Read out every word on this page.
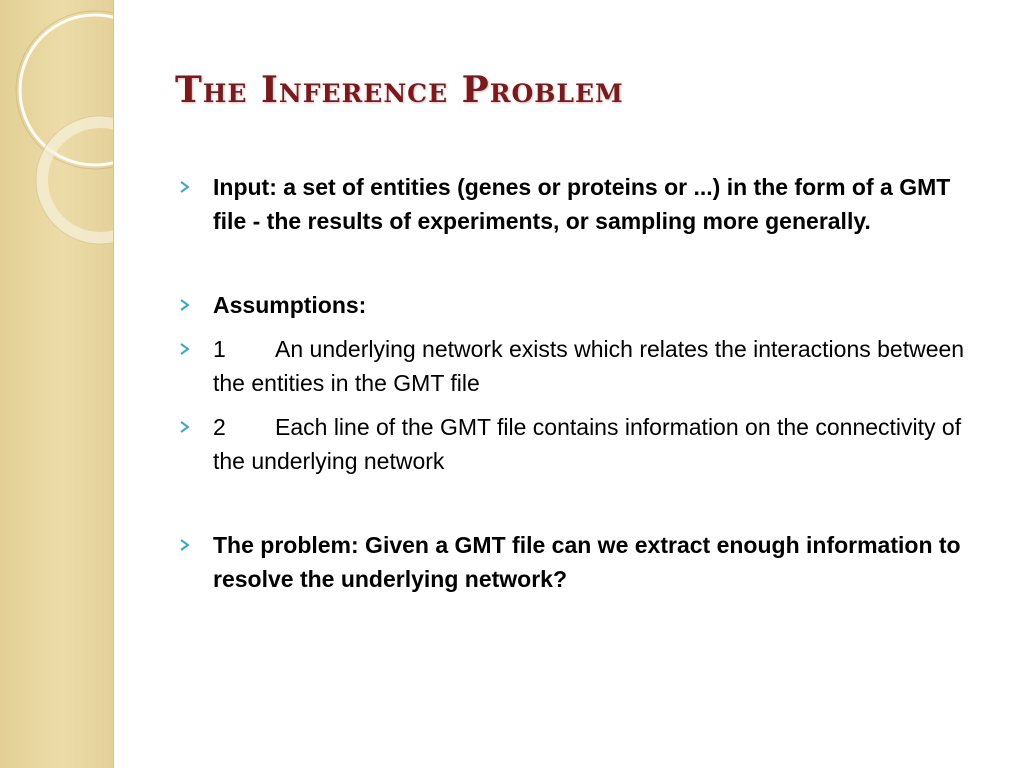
The Inference Problem
Input: a set of entities (genes or proteins or ...) in the form of a GMT file - the results of experiments, or sampling more generally.
Assumptions:
1 An underlying network exists which relates the interactions between the entities in the GMT file
2 Each line of the GMT file contains information on the connectivity of the underlying network
The problem: Given a GMT file can we extract enough information to resolve the underlying network?
